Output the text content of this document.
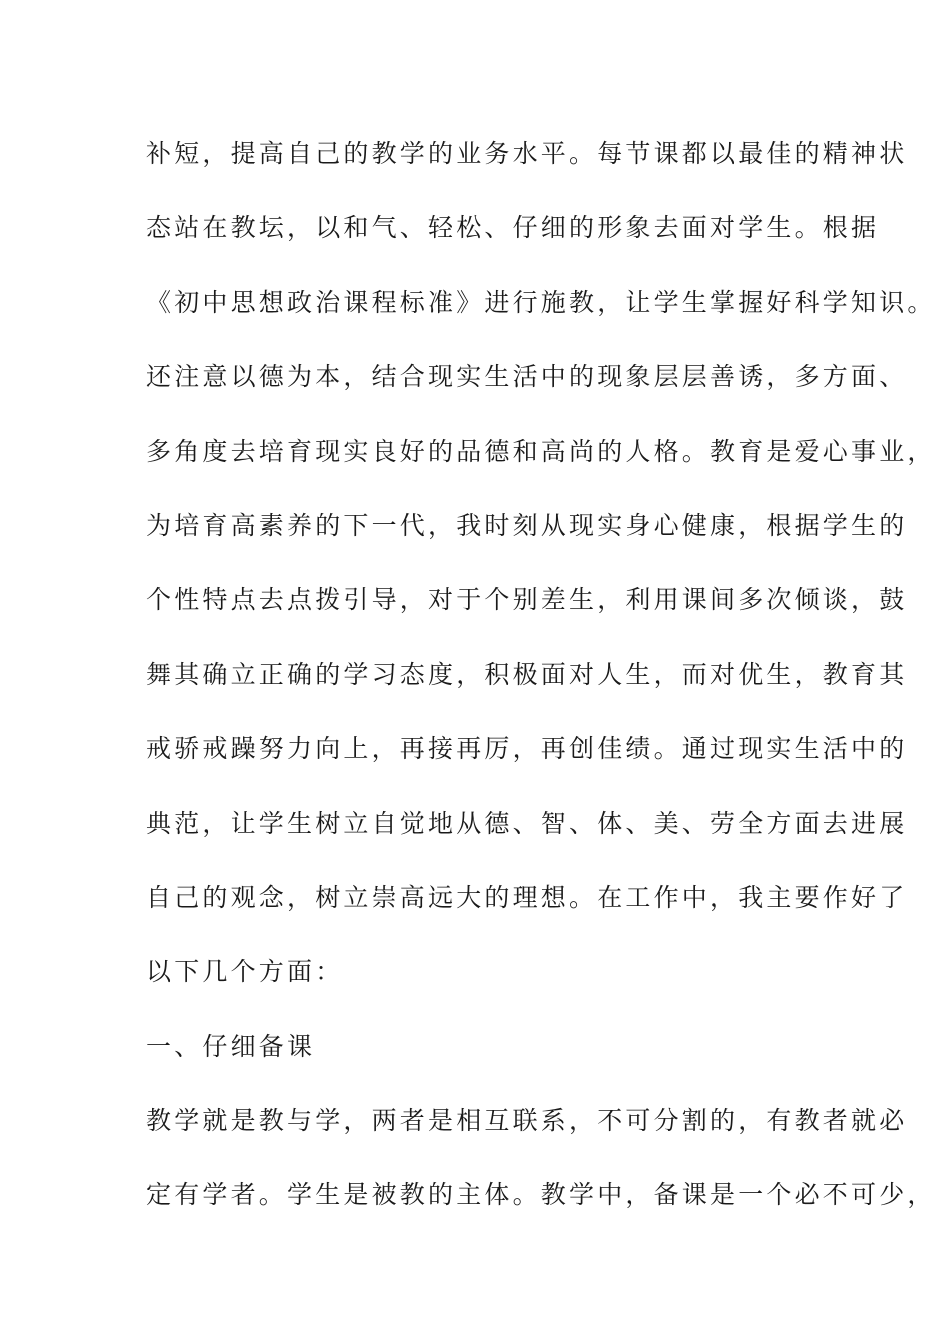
补短，提高自己的教学的业务水平。每节课都以最佳的精神状
态站在教坛，以和气、轻松、仔细的形象去面对学生。根据
《初中思想政治课程标准》进行施教，让学生掌握好科学知识。
还注意以德为本，结合现实生活中的现象层层善诱，多方面、
多角度去培育现实良好的品德和高尚的人格。教育是爱心事业，
为培育高素养的下一代，我时刻从现实身心健康，根据学生的
个性特点去点拨引导，对于个别差生，利用课间多次倾谈，鼓
舞其确立正确的学习态度，积极面对人生，而对优生，教育其
戒骄戒躁努力向上，再接再厉，再创佳绩。通过现实生活中的
典范，让学生树立自觉地从德、智、体、美、劳全方面去进展
自己的观念，树立崇高远大的理想。在工作中，我主要作好了
以下几个方面：
一、仔细备课
教学就是教与学，两者是相互联系，不可分割的，有教者就必
定有学者。学生是被教的主体。教学中，备课是一个必不可少，
